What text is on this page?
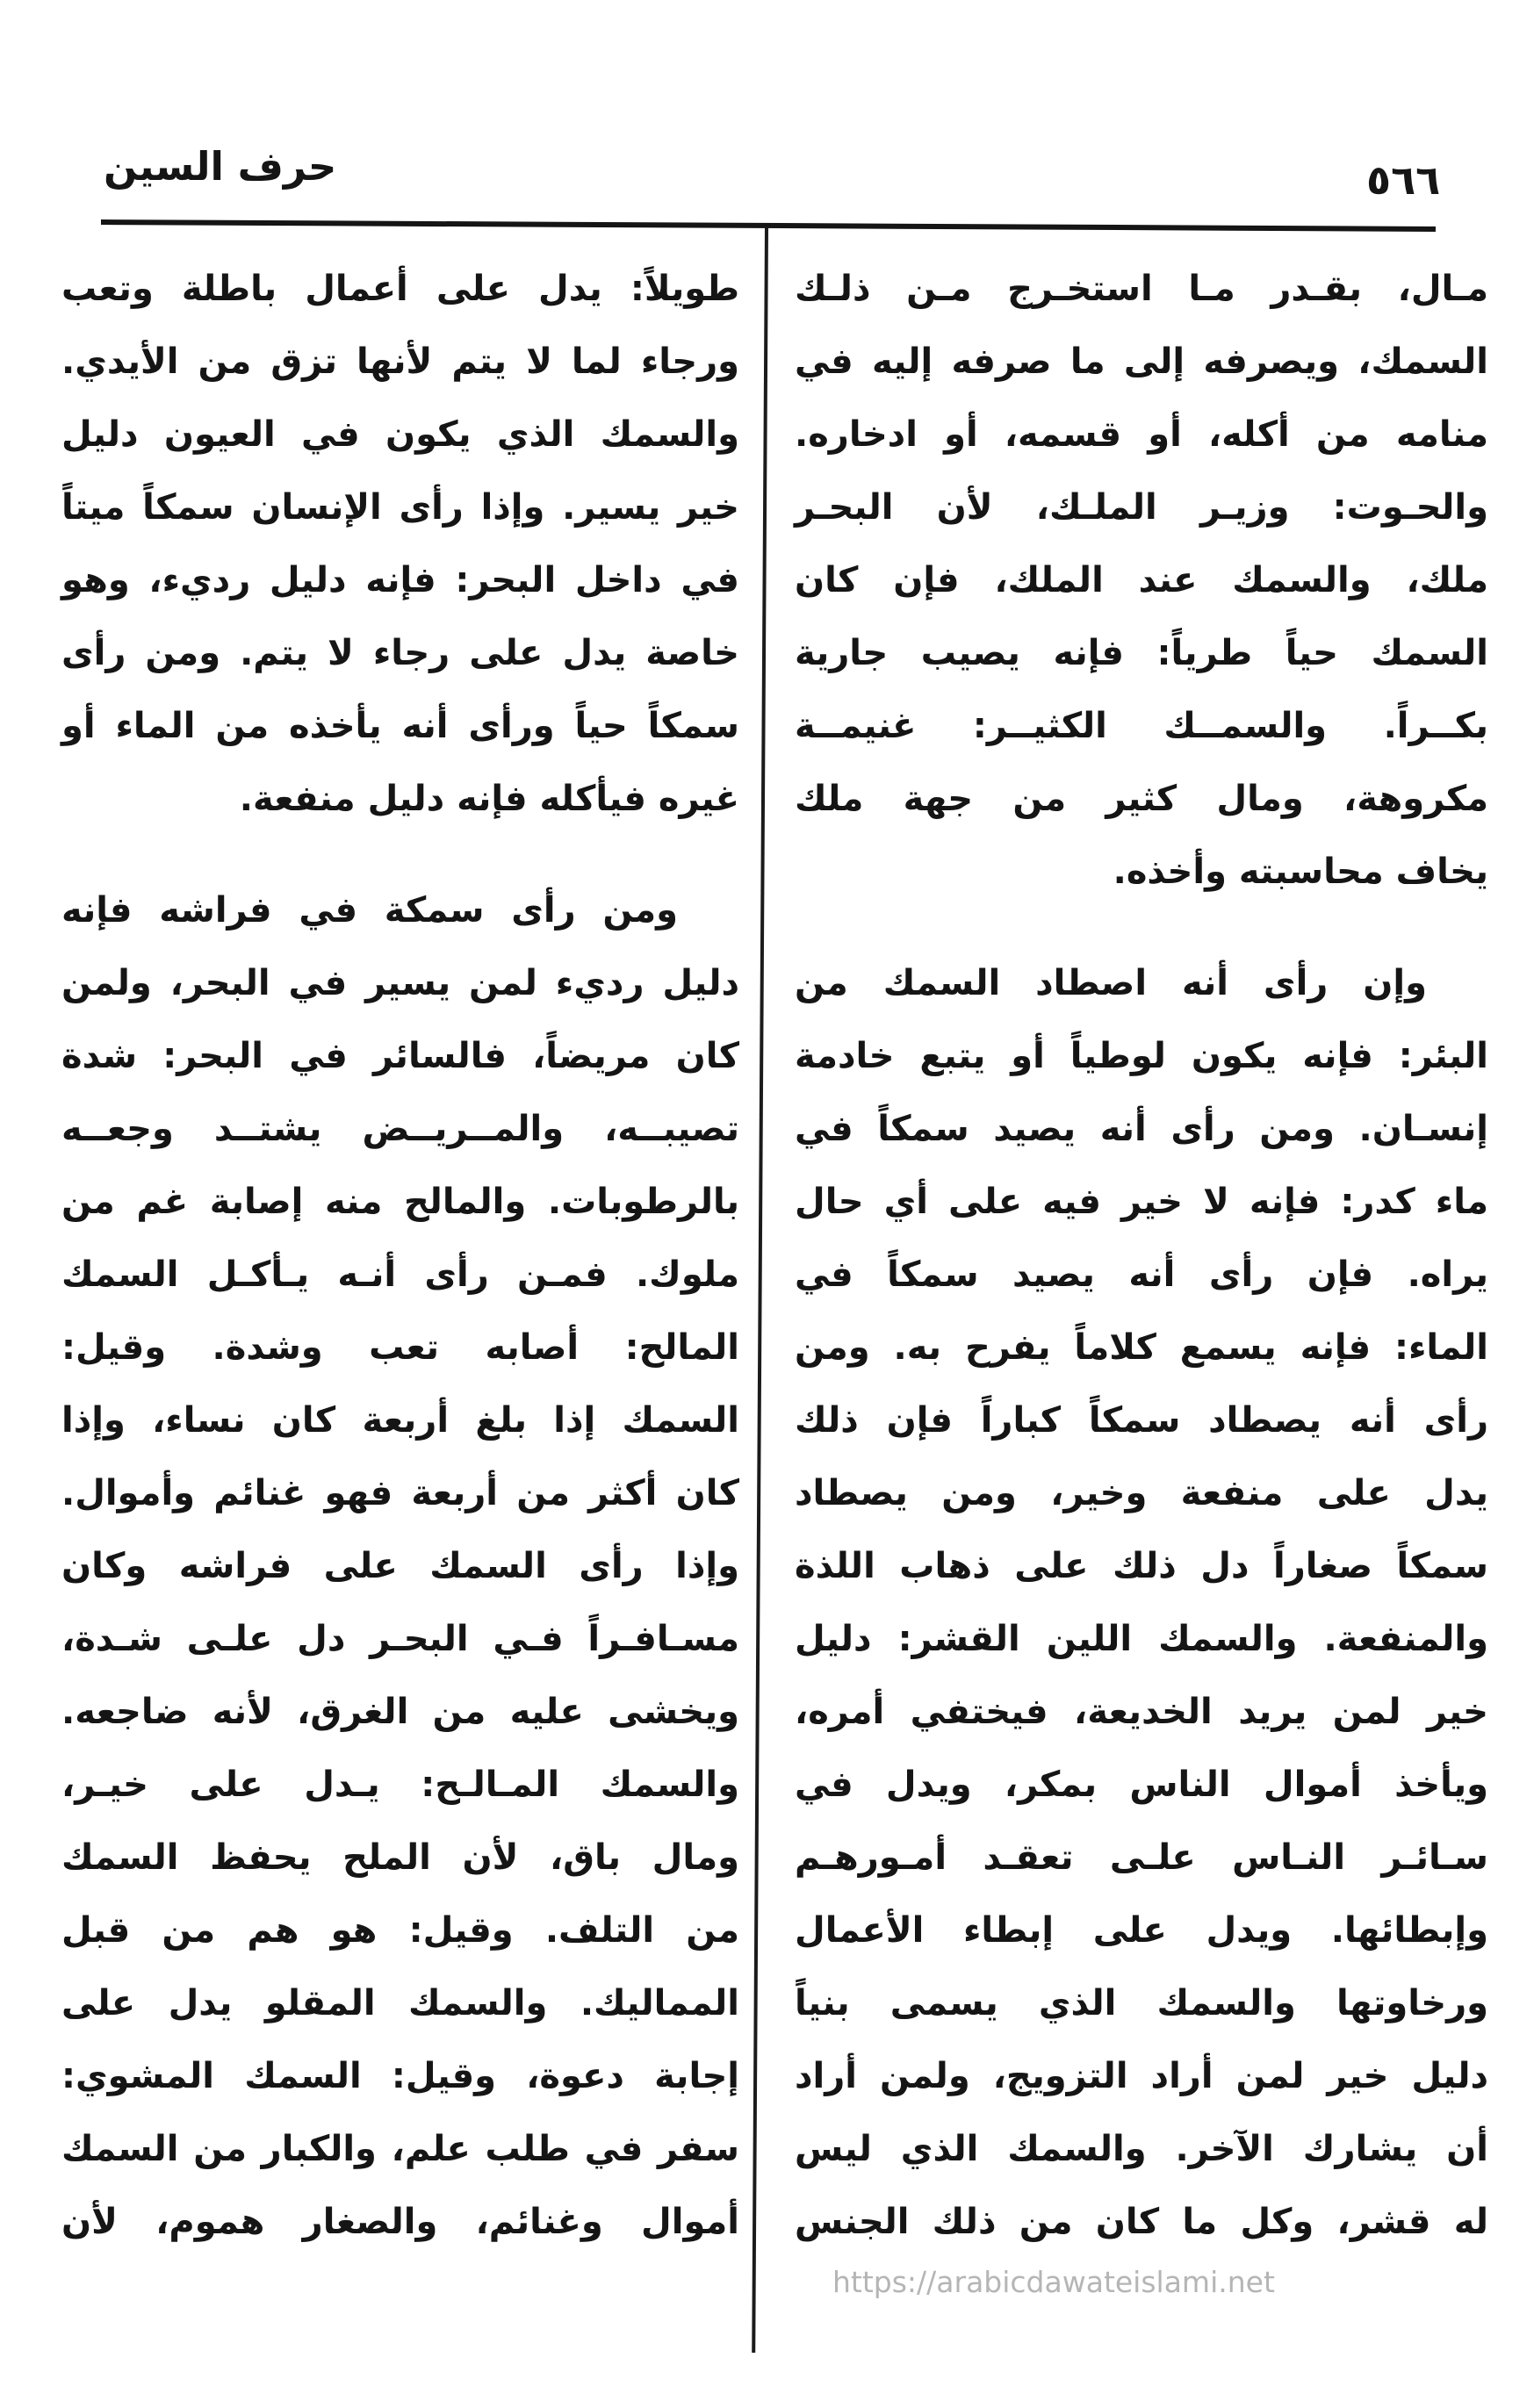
حرف السين	٥٦٦
مـال، بقـدر مـا استخـرج مـن ذلـك
السمك، ويصرفه إلى ما صرفه إليه في
منامه من أكله، أو قسمه، أو ادخاره.
والحـوت: وزيـر الملـك، لأن البحـر
ملك، والسمك عند الملك، فإن كان
السمك حياً طرياً: فإنه يصيب جارية
بكــراً. والسمــك الكثيــر: غنيمــة
مكروهة، ومال كثير من جهة ملك
يخاف محاسبته وأخذه.
وإن رأى أنه اصطاد السمك من
البئر: فإنه يكون لوطياً أو يتبع خادمة
إنسـان. ومن رأى أنه يصيد سمكاً في
ماء كدر: فإنه لا خير فيه على أي حال
يراه. فإن رأى أنه يصيد سمكاً في
الماء: فإنه يسمع كلاماً يفرح به. ومن
رأى أنه يصطاد سمكاً كباراً فإن ذلك
يدل على منفعة وخير، ومن يصطاد
سمكاً صغاراً دل ذلك على ذهاب اللذة
والمنفعة. والسمك اللين القشر: دليل
خير لمن يريد الخديعة، فيختفي أمره،
ويأخذ أموال الناس بمكر، ويدل في
سـائـر النـاس علـى تعقـد أمـورهـم
وإبطائها. ويدل على إبطاء الأعمال
ورخاوتها والسمك الذي يسمى بنياً
دليل خير لمن أراد التزويج، ولمن أراد
أن يشارك الآخر. والسمك الذي ليس
له قشر، وكل ما كان من ذلك الجنس
طويلاً: يدل على أعمال باطلة وتعب
ورجاء لما لا يتم لأنها تزق من الأيدي.
والسمك الذي يكون في العيون دليل
خير يسير. وإذا رأى الإنسان سمكاً ميتاً
في داخل البحر: فإنه دليل رديء، وهو
خاصة يدل على رجاء لا يتم. ومن رأى
سمكاً حياً ورأى أنه يأخذه من الماء أو
غيره فيأكله فإنه دليل منفعة.
ومن رأى سمكة في فراشه فإنه
دليل رديء لمن يسير في البحر، ولمن
كان مريضاً، فالسائر في البحر: شدة
تصيبــه، والمــريــض يشتــد وجعــه
بالرطوبات. والمالح منه إصابة غم من
ملوك. فمـن رأى أنـه يـأكـل السمك
المالح: أصابه تعب وشدة. وقيل:
السمك إذا بلغ أربعة كان نساء، وإذا
كان أكثر من أربعة فهو غنائم وأموال.
وإذا رأى السمك على فراشه وكان
مسـافـراً فـي البحـر دل علـى شـدة،
ويخشى عليه من الغرق، لأنه ضاجعه.
والسمك المـالـح: يـدل على خيـر،
ومال باق، لأن الملح يحفظ السمك
من التلف. وقيل: هو هم من قبل
المماليك. والسمك المقلو يدل على
إجابة دعوة، وقيل: السمك المشوي:
سفر في طلب علم، والكبار من السمك
أموال وغنائم، والصغار هموم، لأن
https://arabicdawateislami.net
